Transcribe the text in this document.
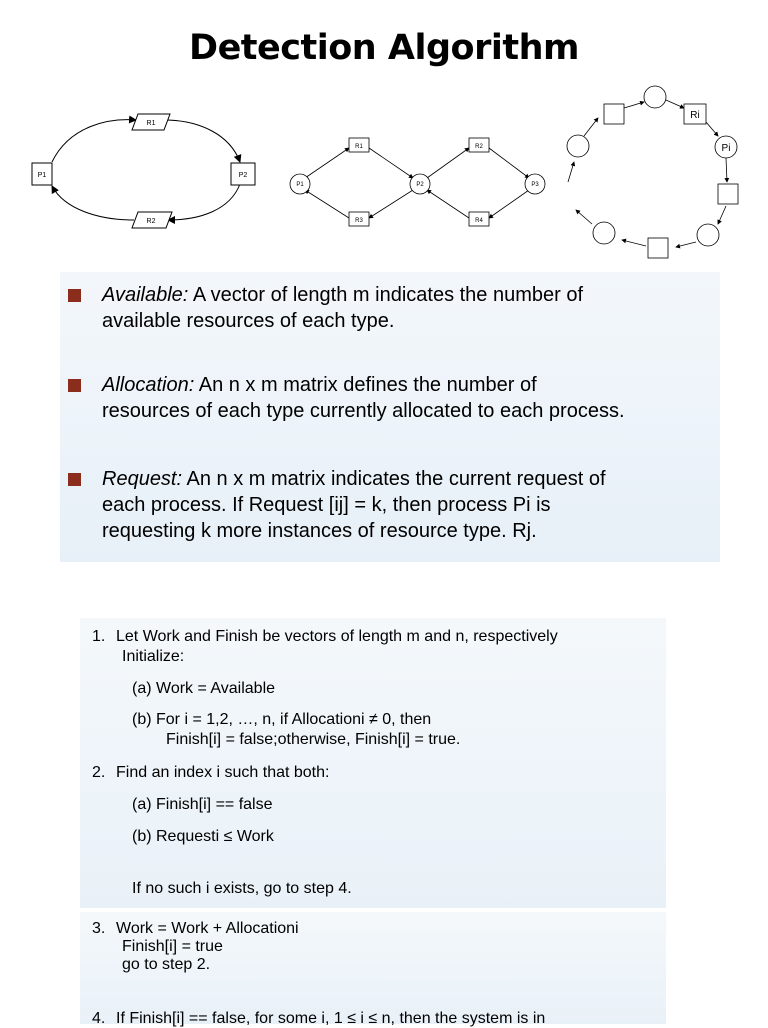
Detection Algorithm
R1
P1	P2
R2
R1	R2
P1	P2	P3
R3	R4
Ri
Pi
Available: A vector of length m indicates the number of
available resources of each type.
Allocation: An n x m matrix defines the number of
resources of each type currently allocated to each process.
Request: An n x m matrix indicates the current request of
each process. If Request [ij] = k, then process Pi is
requesting k more instances of resource type. Rj.
1. Let Work and Finish be vectors of length m and n, respectively
Initialize:
(a) Work = Available
(b) For i = 1,2, …, n, if Allocationi ≠ 0, then
Finish[i] = false;otherwise, Finish[i] = true.
2. Find an index i such that both:
(a) Finish[i] == false
(b) Requesti ≤ Work
If no such i exists, go to step 4.
3. Work = Work + Allocationi
Finish[i] = true
go to step 2.
4. If Finish[i] == false, for some i, 1 ≤ i ≤ n, then the system is in
